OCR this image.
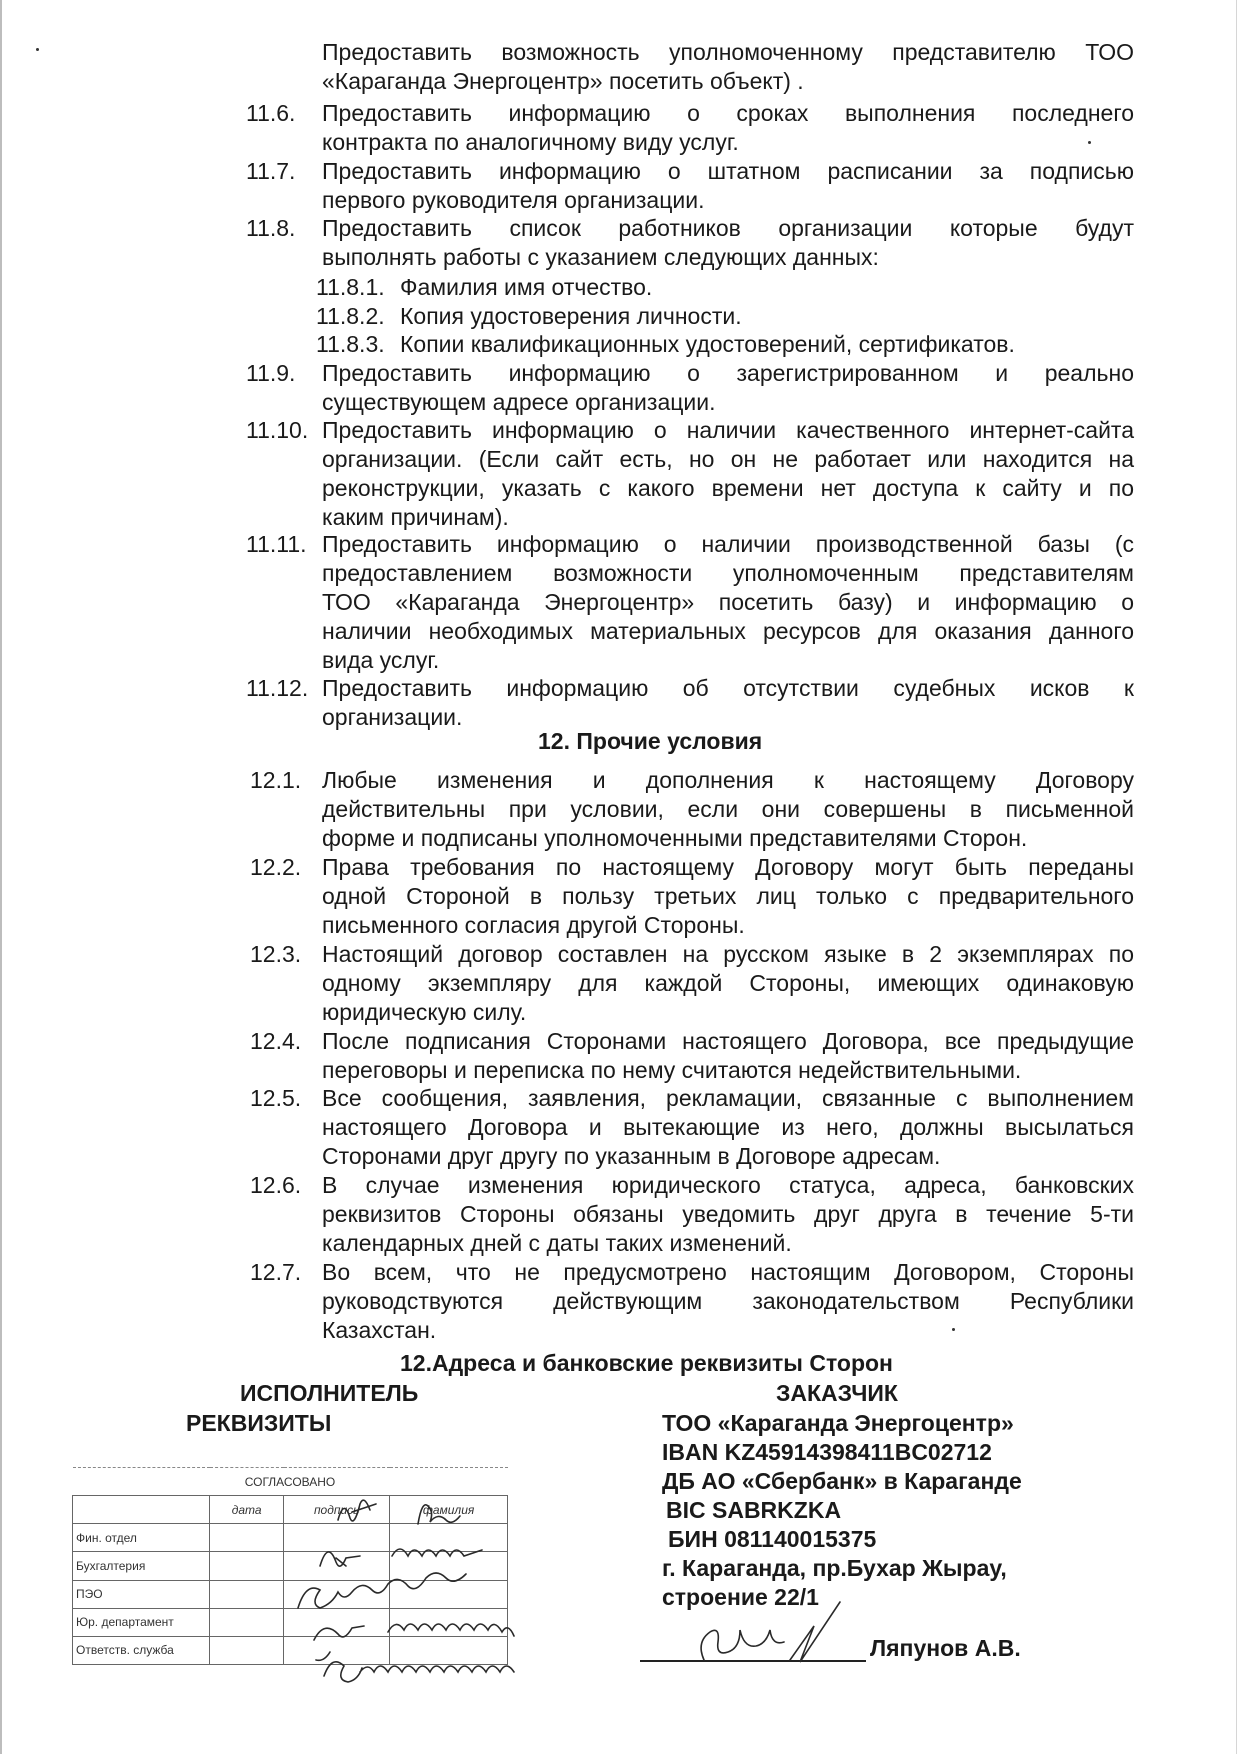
Предоставить возможность уполномоченному представителю ТОО
«Караганда Энергоцентр» посетить объект) .
11.6. Предоставить информацию о сроках выполнения последнего
контракта по аналогичному виду услуг.
11.7. Предоставить информацию о штатном расписании за подписью
первого руководителя организации.
11.8. Предоставить список работников организации которые будут
выполнять работы с указанием следующих данных:
11.8.1. Фамилия имя отчество.
11.8.2. Копия удостоверения личности.
11.8.3. Копии квалификационных удостоверений, сертификатов.
11.9. Предоставить информацию о зарегистрированном и реально
существующем адресе организации.
11.10. Предоставить информацию о наличии качественного интернет-сайта
организации. (Если сайт есть, но он не работает или находится на
реконструкции, указать с какого времени нет доступа к сайту и по
каким причинам).
11.11. Предоставить информацию о наличии производственной базы (с
предоставлением возможности уполномоченным представителям
ТОО «Караганда Энергоцентр» посетить базу) и информацию о
наличии необходимых материальных ресурсов для оказания данного
вида услуг.
11.12. Предоставить информацию об отсутствии судебных исков к
организации.
12. Прочие условия
12.1. Любые изменения и дополнения к настоящему Договору
действительны при условии, если они совершены в письменной
форме и подписаны уполномоченными представителями Сторон.
12.2. Права требования по настоящему Договору могут быть переданы
одной Стороной в пользу третьих лиц только с предварительного
письменного согласия другой Стороны.
12.3. Настоящий договор составлен на русском языке в 2 экземплярах по
одному экземпляру для каждой Стороны, имеющих одинаковую
юридическую силу.
12.4. После подписания Сторонами настоящего Договора, все предыдущие
переговоры и переписка по нему считаются недействительными.
12.5. Все сообщения, заявления, рекламации, связанные с выполнением
настоящего Договора и вытекающие из него, должны высылаться
Сторонами друг другу по указанным в Договоре адресам.
12.6. В случае изменения юридического статуса, адреса, банковских
реквизитов Стороны обязаны уведомить друг друга в течение 5-ти
календарных дней с даты таких изменений.
12.7. Во всем, что не предусмотрено настоящим Договором, Стороны
руководствуются действующим законодательством Республики
Казахстан.
12.Адреса и банковские реквизиты Сторон
ИСПОЛНИТЕЛЬ
РЕКВИЗИТЫ
ЗАКАЗЧИК
ТОО «Караганда Энергоцентр»
IBAN KZ45914398411BC02712
ДБ АО «Сбербанк» в Караганде
BIC SABRKZKA
БИН 081140015375
г. Караганда, пр.Бухар Жырау,
строение 22/1
Ляпунов А.В.
СОГЛАСОВАНО			
	дата	подпись	фамилия
Фин. отдел			
Бухгалтерия			
ПЭО			
Юр. департамент			
Ответств. служба			
